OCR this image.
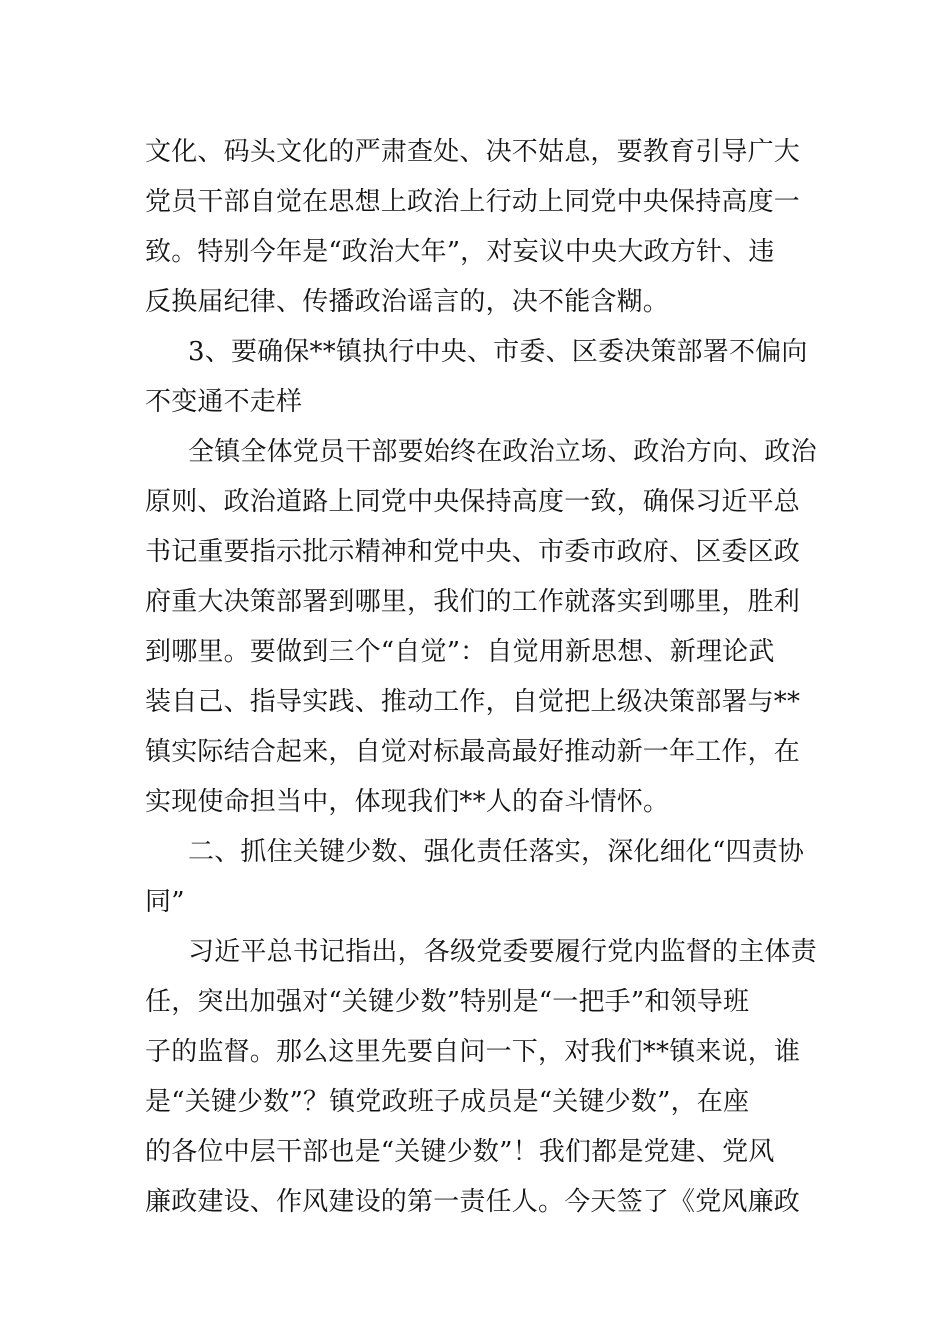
文化、码头文化的严肃查处、决不姑息，要教育引导广大
党员干部自觉在思想上政治上行动上同党中央保持高度一
致。特别今年是“政治大年”，对妄议中央大政方针、违
反换届纪律、传播政治谣言的，决不能含糊。
3、要确保**镇执行中央、市委、区委决策部署不偏向
不变通不走样
全镇全体党员干部要始终在政治立场、政治方向、政治
原则、政治道路上同党中央保持高度一致，确保习近平总
书记重要指示批示精神和党中央、市委市政府、区委区政
府重大决策部署到哪里，我们的工作就落实到哪里，胜利
到哪里。要做到三个“自觉”：自觉用新思想、新理论武
装自己、指导实践、推动工作，自觉把上级决策部署与**
镇实际结合起来，自觉对标最高最好推动新一年工作，在
实现使命担当中，体现我们**人的奋斗情怀。
二、抓住关键少数、强化责任落实，深化细化“四责协
同”
习近平总书记指出，各级党委要履行党内监督的主体责
任，突出加强对“关键少数”特别是“一把手”和领导班
子的监督。那么这里先要自问一下，对我们**镇来说，谁
是“关键少数”？镇党政班子成员是“关键少数”，在座
的各位中层干部也是“关键少数”！我们都是党建、党风
廉政建设、作风建设的第一责任人。今天签了《党风廉政
